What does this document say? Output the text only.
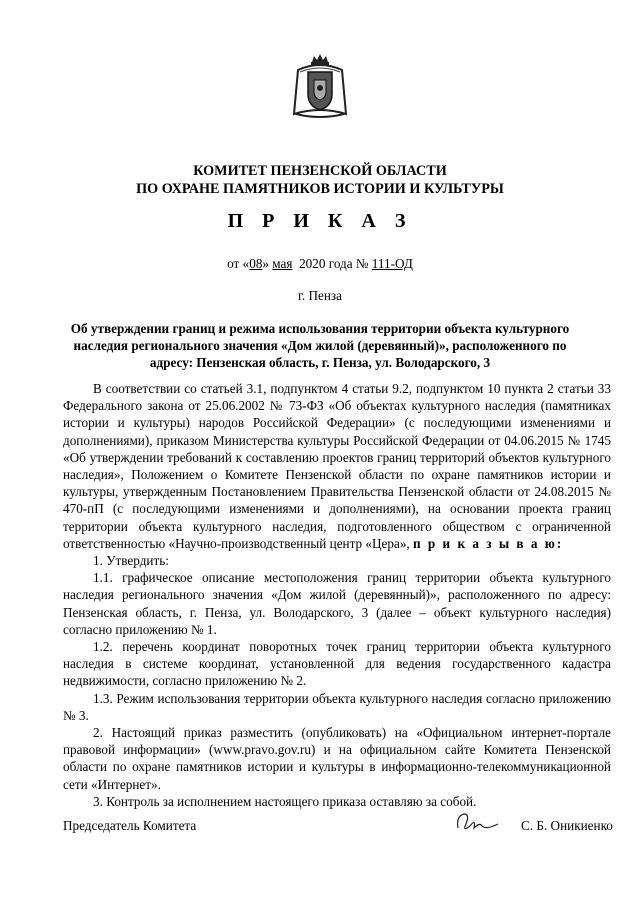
КОМИТЕТ ПЕНЗЕНСКОЙ ОБЛАСТИ
ПО ОХРАНЕ ПАМЯТНИКОВ ИСТОРИИ И КУЛЬТУРЫ
П Р И К А З
от «08» мая  2020 года № 111-ОД
г. Пенза
Об утверждении границ и режима использования территории объекта культурного
наследия регионального значения «Дом жилой (деревянный)», расположенного по
адресу: Пензенская область, г. Пенза, ул. Володарского, 3

В соответствии со статьей 3.1, подпунктом 4 статьи 9.2, подпунктом 10 пункта 2 статьи 33 Федерального закона от 25.06.2002 № 73-ФЗ «Об объектах культурного наследия (памятниках истории и культуры) народов Российской Федерации» (с последующими изменениями и дополнениями), приказом Министерства культуры Российской Федерации от 04.06.2015 № 1745 «Об утверждении требований к составлению проектов границ территорий объектов культурного наследия», Положением о Комитете Пензенской области по охране памятников истории и культуры, утвержденным Постановлением Правительства Пензенской области от 24.08.2015 № 470-пП (с последующими изменениями и дополнениями), на основании проекта границ территории объекта культурного наследия, подготовленного обществом с ограниченной ответственностью «Научно-производственный центр «Цера», п р и к а з ы в а ю:

1. Утвердить:

1.1. графическое описание местоположения границ территории объекта культурного наследия регионального значения «Дом жилой (деревянный)», расположенного по адресу: Пензенская область, г. Пенза, ул. Володарского, 3 (далее – объект культурного наследия) согласно приложению № 1.

1.2. перечень координат поворотных точек границ территории объекта культурного наследия в системе координат, установленной для ведения государственного кадастра недвижимости, согласно приложению № 2.

1.3. Режим использования территории объекта культурного наследия согласно приложению № 3.

2. Настоящий приказ разместить (опубликовать) на «Официальном интернет-портале правовой информации» (www.pravo.gov.ru) и на официальном сайте Комитета Пензенской области по охране памятников истории и культуры в информационно-телекоммуникационной сети «Интернет».

3. Контроль за исполнением настоящего приказа оставляю за собой.

Председатель Комитета	С. Б. Оникиенко
